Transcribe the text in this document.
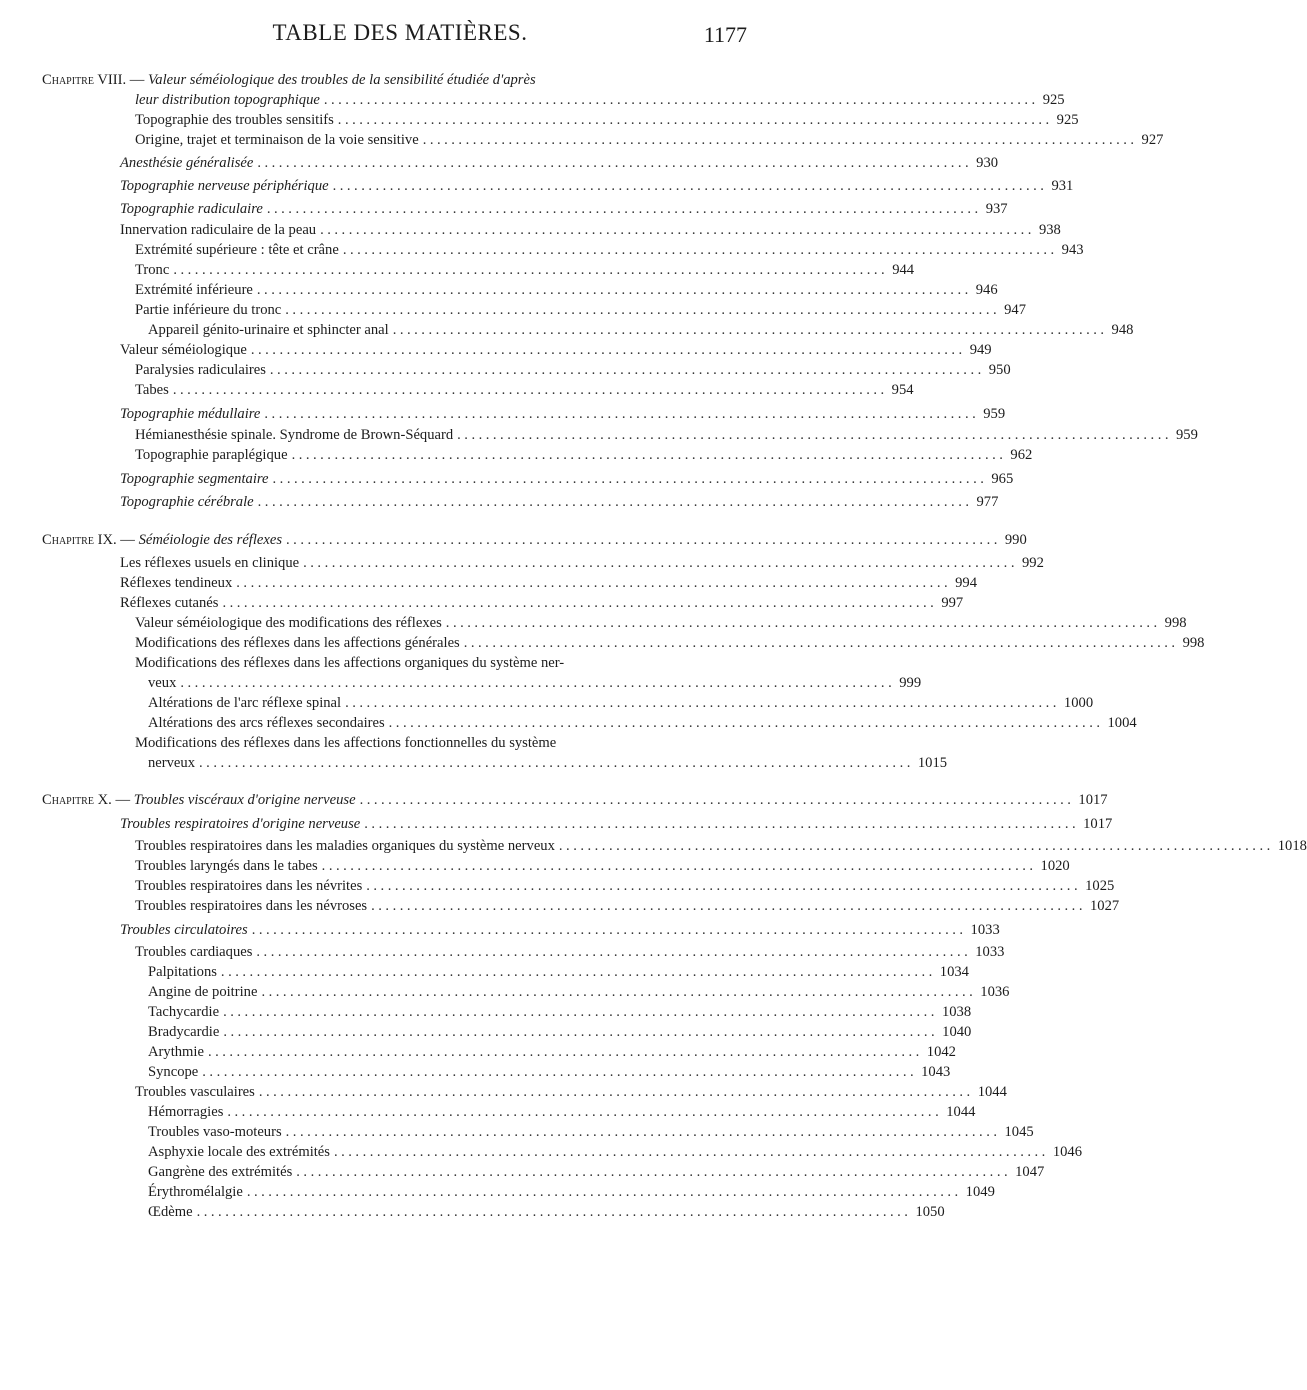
TABLE DES MATIÈRES.	1177
Chapitre VIII. — Valeur séméiologique des troubles de la sensibilité étudiée d'après
leur distribution topographique .................................................................................................... 925
Topographie des troubles sensitifs .................................................................................................... 925
Origine, trajet et terminaison de la voie sensitive .................................................................................................... 927
Anesthésie généralisée .................................................................................................... 930
Topographie nerveuse périphérique .................................................................................................... 931
Topographie radiculaire .................................................................................................... 937
Innervation radiculaire de la peau .................................................................................................... 938
Extrémité supérieure : tête et crâne .................................................................................................... 943
Tronc .................................................................................................... 944
Extrémité inférieure .................................................................................................... 946
Partie inférieure du tronc .................................................................................................... 947
Appareil génito-urinaire et sphincter anal .................................................................................................... 948
Valeur séméiologique .................................................................................................... 949
Paralysies radiculaires .................................................................................................... 950
Tabes .................................................................................................... 954
Topographie médullaire .................................................................................................... 959
Hémianesthésie spinale. Syndrome de Brown-Séquard .................................................................................................... 959
Topographie paraplégique .................................................................................................... 962
Topographie segmentaire .................................................................................................... 965
Topographie cérébrale .................................................................................................... 977
Chapitre IX. — Séméiologie des réflexes .................................................................................................... 990
Les réflexes usuels en clinique .................................................................................................... 992
Réflexes tendineux .................................................................................................... 994
Réflexes cutanés .................................................................................................... 997
Valeur séméiologique des modifications des réflexes .................................................................................................... 998
Modifications des réflexes dans les affections générales .................................................................................................... 998
Modifications des réflexes dans les affections organiques du système ner-
veux .................................................................................................... 999
Altérations de l'arc réflexe spinal .................................................................................................... 1000
Altérations des arcs réflexes secondaires .................................................................................................... 1004
Modifications des réflexes dans les affections fonctionnelles du système
nerveux .................................................................................................... 1015
Chapitre X. — Troubles viscéraux d'origine nerveuse .................................................................................................... 1017
Troubles respiratoires d'origine nerveuse .................................................................................................... 1017
Troubles respiratoires dans les maladies organiques du système nerveux .................................................................................................... 1018
Troubles laryngés dans le tabes .................................................................................................... 1020
Troubles respiratoires dans les névrites .................................................................................................... 1025
Troubles respiratoires dans les névroses .................................................................................................... 1027
Troubles circulatoires .................................................................................................... 1033
Troubles cardiaques .................................................................................................... 1033
Palpitations .................................................................................................... 1034
Angine de poitrine .................................................................................................... 1036
Tachycardie .................................................................................................... 1038
Bradycardie .................................................................................................... 1040
Arythmie .................................................................................................... 1042
Syncope .................................................................................................... 1043
Troubles vasculaires .................................................................................................... 1044
Hémorragies .................................................................................................... 1044
Troubles vaso-moteurs .................................................................................................... 1045
Asphyxie locale des extrémités .................................................................................................... 1046
Gangrène des extrémités .................................................................................................... 1047
Érythromélalgie .................................................................................................... 1049
Œdème .................................................................................................... 1050
